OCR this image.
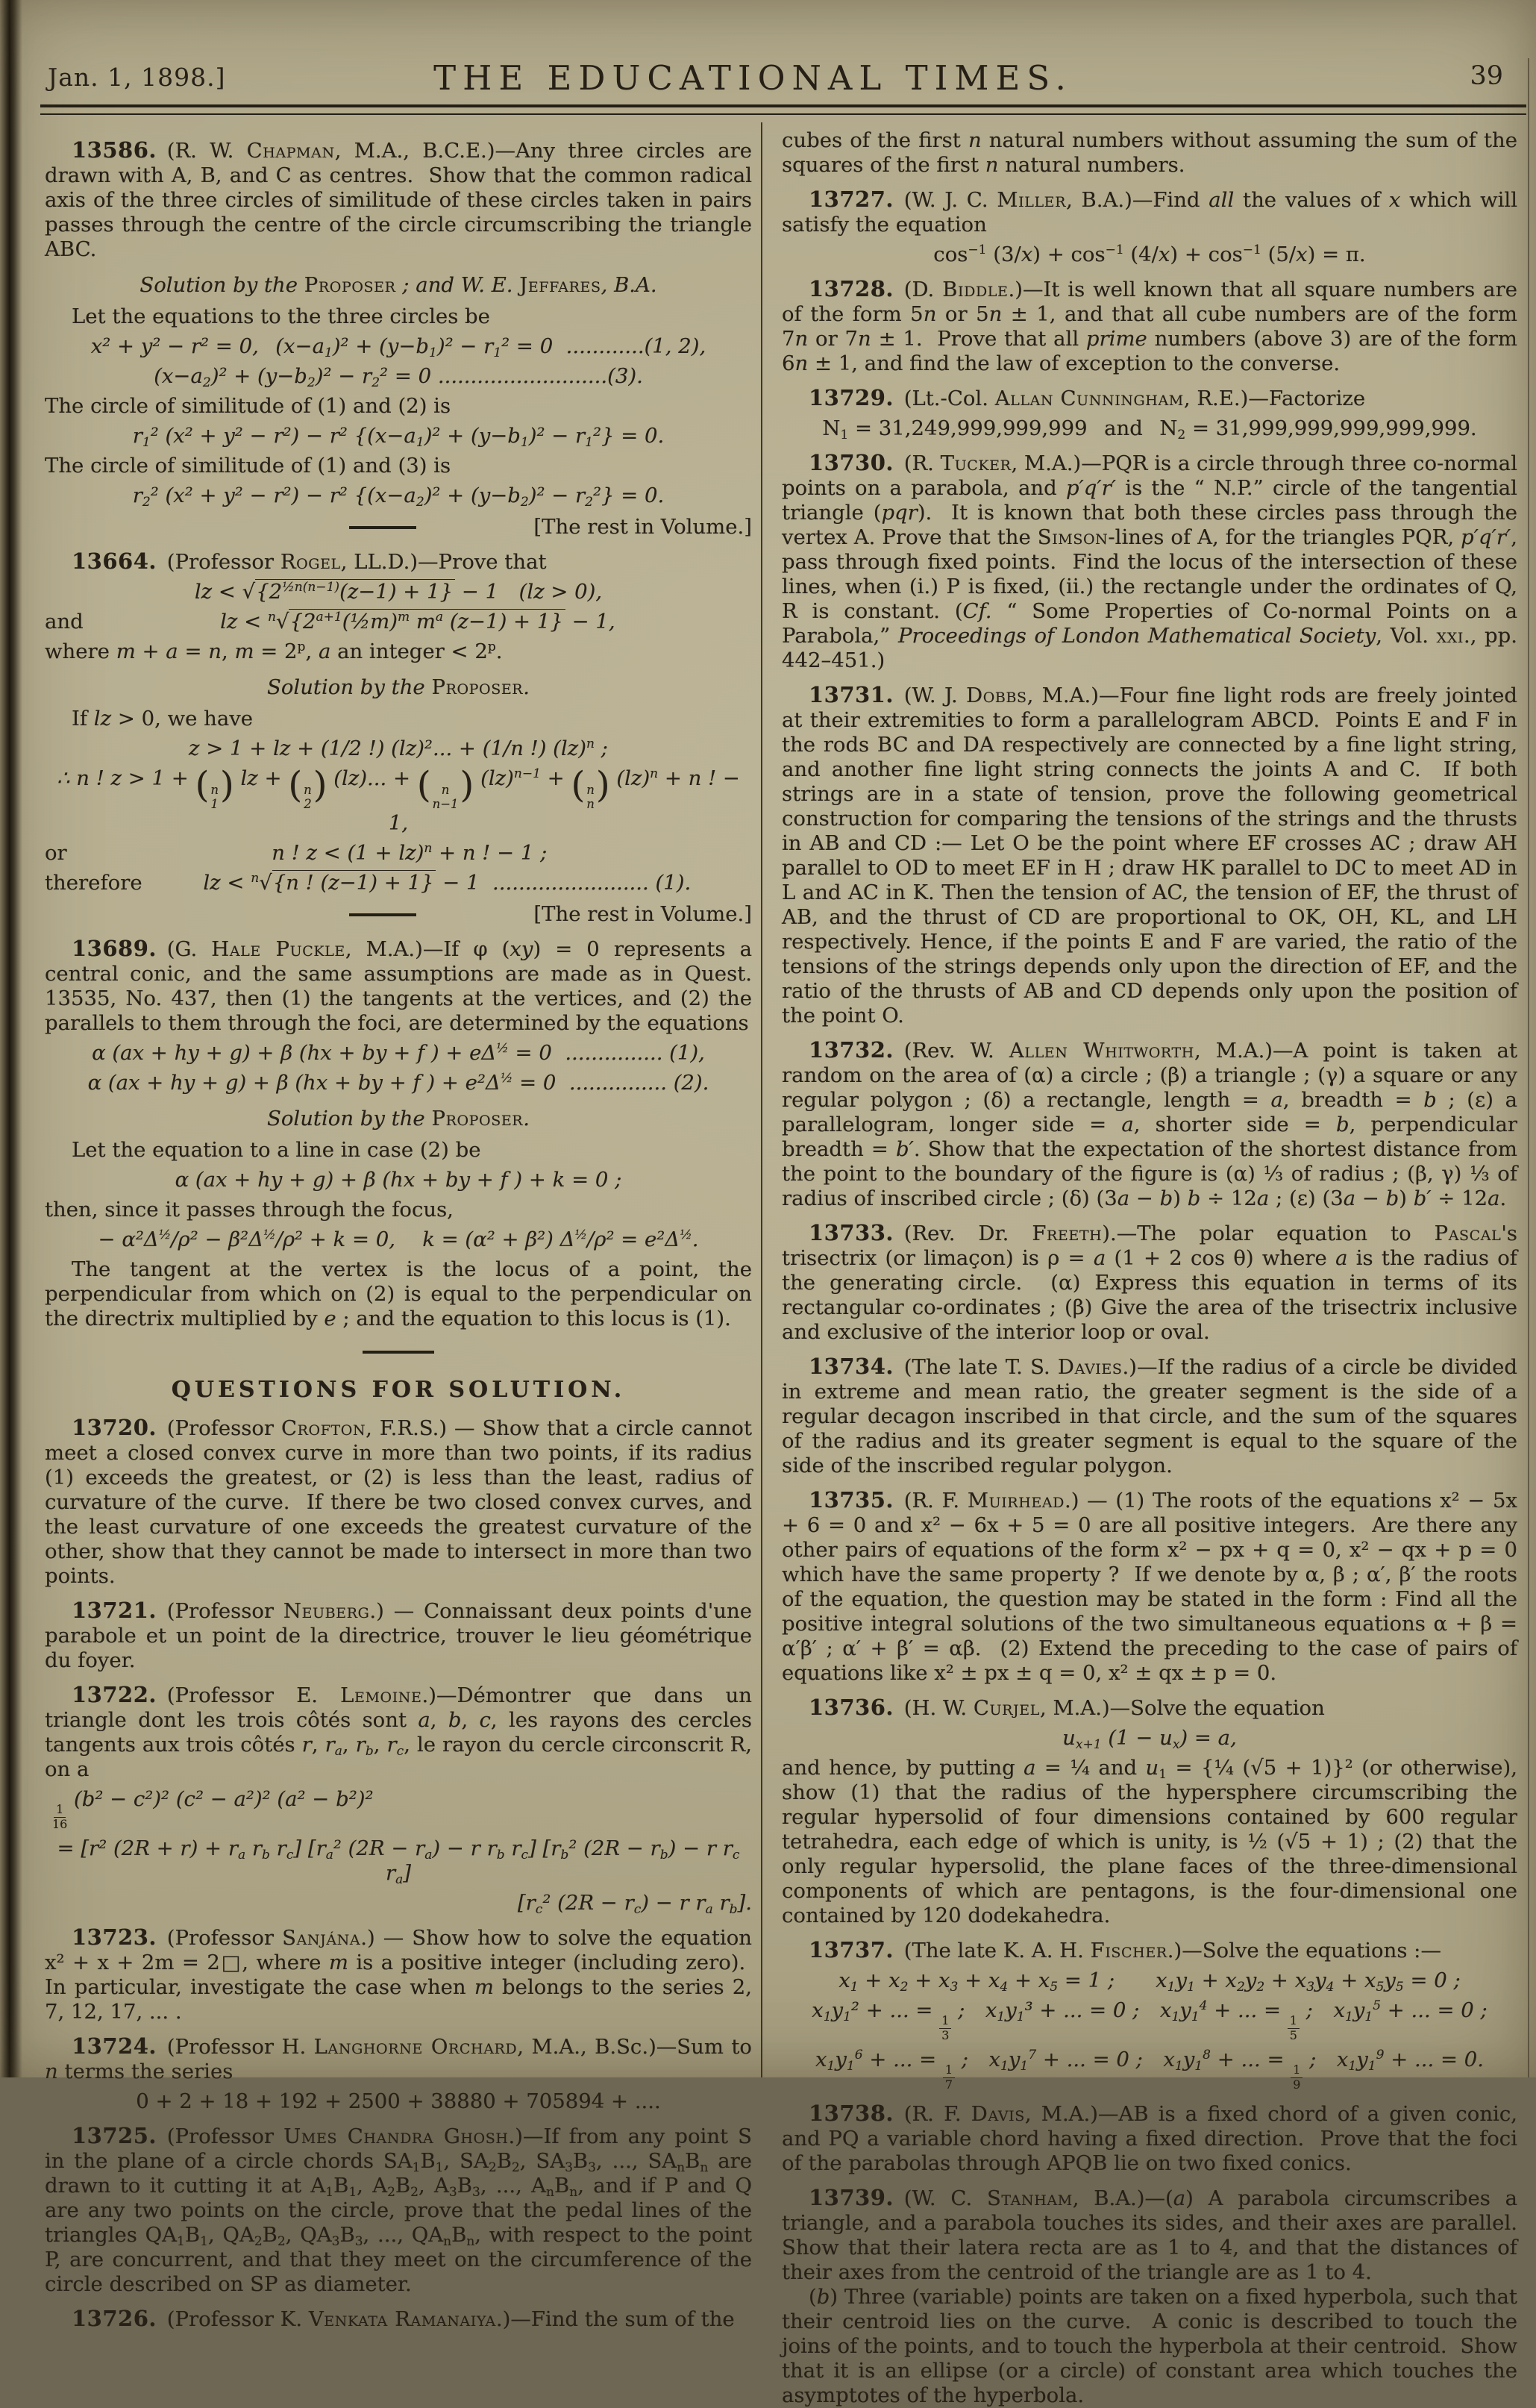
Jan. 1, 1898.]	THE EDUCATIONAL TIMES.	39

13586. (R. W. Chapman, M.A., B.C.E.)—Any three circles are drawn with A, B, and C as centres.  Show that the common radical axis of the three circles of similitude of these circles taken in pairs passes through the centre of the circle circumscribing the triangle ABC.

Solution by the Proposer ; and W. E. Jeffares, B.A.

Let the equations to the three circles be

x² + y² − r² = 0,  $(x-a_1)^2 + (y-b_1)^2 - r_1^2 = 0$  ............(1, 2),
$(x-a_2)^2 + (y-b_2)^2 - r_2^2 = 0$ ..........................(3).

The circle of similitude of (1) and (2) is

$r_1^2$ (x² + y² − r²) − r² $\{(x-a_1)^2 + (y-b_1)^2 - r_1^2\} = 0$.

The circle of similitude of (1) and (3) is

$r_2^2$ (x² + y² − r²) − r² $\{(x-a_2)^2 + (y-b_2)^2 - r_2^2\} = 0$.
[The rest in Volume.]

13664. (Professor Rogel, LL.D.)—Prove that

lz < $√\{2^{\frac{1}{2}n(n-1)}(z-1) + 1\} - 1$ (lz > 0),
and	lz < $^n√\{2^{a+1}(\frac{1}{2}m)^m$ $m^a$ (z−1) + 1} − 1,

where m + a = n, $m = 2^p$, a an integer < $2^p$.

Solution by the Proposer.

If lz > 0, we have

z > 1 + lz + (1/2 !) (lz)²... + (1/n !) (lz)$^n$ ;
∴ n ! z > 1 + ( n
1 ) lz + ( n
2 ) (lz)... + ( n
n−1 ) (lz)$^{n-1}$ + ( n
n ) (lz)$^n$ + n ! − 1,
or	n ! z < (1 + lz)$^n$ + n ! − 1 ;
therefore	lz < $^n$√{n ! (z−1) + 1} − 1  ........................ (1).
[The rest in Volume.]

13689. (G. Hale Puckle, M.A.)—If φ (xy) = 0 represents a central conic, and the same assumptions are made as in Quest. 13535, No. 437, then (1) the tangents at the vertices, and (2) the parallels to them through the foci, are determined by the equations

α (ax + hy + g) + β (hx + by + f ) + $e\Delta^{\frac{1}{2}} = 0$  ............... (1),
α (ax + hy + g) + β (hx + by + f ) + $e^2\Delta^{\frac{1}{2}} = 0$  ............... (2).

Solution by the Proposer.

Let the equation to a line in case (2) be

α (ax + hy + g) + β (hx + by + f ) + k = 0 ;

then, since it passes through the focus,

− $\alpha^2\Delta^{\frac{1}{2}}/\rho^2 - \beta^2\Delta^{\frac{1}{2}}/\rho^2 + k = 0$,  k = (α² + β²) $\Delta^{\frac{1}{2}}/\rho^2 = e^2\Delta^{\frac{1}{2}}$.

The tangent at the vertex is the locus of a point, the perpendicular from which on (2) is equal to the perpendicular on the directrix multiplied by e ; and the equation to this locus is (1).

QUESTIONS FOR SOLUTION.

13720. (Professor Crofton, F.R.S.) — Show that a circle cannot meet a closed convex curve in more than two points, if its radius (1) exceeds the greatest, or (2) is less than the least, radius of curvature of the curve.  If there be two closed convex curves, and the least curvature of one exceeds the greatest curvature of the other, show that they cannot be made to intersect in more than two points.

13721. (Professor Neuberg.) — Connaissant deux points d'une parabole et un point de la directrice, trouver le lieu géométrique du foyer.

13722. (Professor E. Lemoine.)—Démontrer que dans un triangle dont les trois côtés sont a, b, c, les rayons des cercles tangents aux trois côtés r, $r_a$, $r_b$, $r_c$, le rayon du cercle circonscrit R, on a

$\frac{1}{16}$
(b² − c²)² (c² − a²)² (a² − b²)²
= [r² $(2R + r) + r_a$ $r_b$ $r_c$] [$r_a^2$ $(2R - r_a) - r$ $r_b$ $r_c$] [$r_b^2$ $(2R - r_b) - r$ $r_c$ $r_a$]
[$r_c^2$ $(2R - r_c) - r$ $r_a$ $r_b$].

13723. (Professor Sanjána.) — Show how to solve the equation x² + x + 2m = 2□, where m is a positive integer (including zero).  In particular, investigate the case when m belongs to the series 2, 7, 12, 17, ... .

13724. (Professor H. Langhorne Orchard, M.A., B.Sc.)—Sum to n terms the series

0 + 2 + 18 + 192 + 2500 + 38880 + 705894 + ....

13725. (Professor Umes Chandra Ghosh.)—If from any point S in the plane of a circle chords $SA_1B_1$, $SA_2B_2$, $SA_3B_3$, ..., $SA_nB_n$ are drawn to it cutting it at $A_1B_1$, $A_2B_2$, $A_3B_3$, ..., $A_nB_n$, and if P and Q are any two points on the circle, prove that the pedal lines of the triangles $QA_1B_1$, $QA_2B_2$, $QA_3B_3$, ..., $QA_nB_n$, with respect to the point P, are concurrent, and that they meet on the circumference of the circle described on SP as diameter.

13726. (Professor K. Venkata Ramanaiya.)—Find the sum of the

cubes of the first n natural numbers without assuming the sum of the squares of the first n natural numbers.

13727. (W. J. C. Miller, B.A.)—Find all the values of x which will satisfy the equation

$\cos^{-1} (3/x) + \cos^{-1} (4/x) + \cos^{-1} (5/x) = \pi$.

13728. (D. Biddle.)—It is well known that all square numbers are of the form 5n or 5n ± 1, and that all cube numbers are of the form 7n or 7n ± 1.  Prove that all prime numbers (above 3) are of the form 6n ± 1, and find the law of exception to the converse.

13729. (Lt.-Col. Allan Cunningham, R.E.)—Factorize

$N_1 = 31,249,999,999,999$  and  $N_2 = 31,999,999,999,999,999$.

13730. (R. Tucker, M.A.)—PQR is a circle through three co-normal points on a parabola, and p′q′r′ is the “ N.P.” circle of the tangential triangle (pqr).  It is known that both these circles pass through the vertex A. Prove that the Simson-lines of A, for the triangles PQR, p′q′r′, pass through fixed points.  Find the locus of the intersection of these lines, when (i.) P is fixed, (ii.) the rectangle under the ordinates of Q, R is constant. (Cf. “ Some Properties of Co-normal Points on a Parabola,” Proceedings of London Mathematical Society, Vol. xxi., pp. 442–451.)

13731. (W. J. Dobbs, M.A.)—Four fine light rods are freely jointed at their extremities to form a parallelogram ABCD.  Points E and F in the rods BC and DA respectively are connected by a fine light string, and another fine light string connects the joints A and C.  If both strings are in a state of tension, prove the following geometrical construction for comparing the tensions of the strings and the thrusts in AB and CD :— Let O be the point where EF crosses AC ; draw AH parallel to OD to meet EF in H ; draw HK parallel to DC to meet AD in L and AC in K. Then the tension of AC, the tension of EF, the thrust of AB, and the thrust of CD are proportional to OK, OH, KL, and LH respectively. Hence, if the points E and F are varied, the ratio of the tensions of the strings depends only upon the direction of EF, and the ratio of the thrusts of AB and CD depends only upon the position of the point O.

13732. (Rev. W. Allen Whitworth, M.A.)—A point is taken at random on the area of (α) a circle ; (β) a triangle ; (γ) a square or any regular polygon ; (δ) a rectangle, length = a, breadth = b ; (ε) a parallelogram, longer side = a, shorter side = b, perpendicular breadth = b′. Show that the expectation of the shortest distance from the point to the boundary of the figure is (α) ⅓ of radius ; (β, γ) ⅓ of radius of inscribed circle ; (δ) (3a − b) b ÷ 12a ; (ε) (3a − b) b′ ÷ 12a.

13733. (Rev. Dr. Freeth).—The polar equation to Pascal's trisectrix (or limaçon) is ρ = a (1 + 2 cos θ) where a is the radius of the generating circle.  (α) Express this equation in terms of its rectangular co-ordinates ; (β) Give the area of the trisectrix inclusive and exclusive of the interior loop or oval.

13734. (The late T. S. Davies.)—If the radius of a circle be divided in extreme and mean ratio, the greater segment is the side of a regular decagon inscribed in that circle, and the sum of the squares of the radius and its greater segment is equal to the square of the side of the inscribed regular polygon.

13735. (R. F. Muirhead.) — (1) The roots of the equations x² − 5x + 6 = 0 and x² − 6x + 5 = 0 are all positive integers.  Are there any other pairs of equations of the form x² − px + q = 0, x² − qx + p = 0 which have the same property ?  If we denote by α, β ; α′, β′ the roots of the equation, the question may be stated in the form : Find all the positive integral solutions of the two simultaneous equations α + β = α′β′ ; α′ + β′ = αβ.  (2) Extend the preceding to the case of pairs of equations like x² ± px ± q = 0, x² ± qx ± p = 0.

13736. (H. W. Curjel, M.A.)—Solve the equation

$u_{x+1}$ $(1 - u_x) = a$,

and hence, by putting a = ¼ and $u_1$ = {¼ (√5 + 1)}² (or otherwise), show (1) that the radius of the hypersphere circumscribing the regular hypersolid of four dimensions contained by 600 regular tetrahedra, each edge of which is unity, is ½ (√5 + 1) ; (2) that the only regular hypersolid, the plane faces of the three-dimensional components of which are pentagons, is the four-dimensional one contained by 120 dodekahedra.

13737. (The late K. A. H. Fischer.)—Solve the equations :—

$x_1 + x_2 + x_3 + x_4 + x_5 = 1$ ;  $x_1y_1 + x_2y_2 + x_3y_4 + x_5y_5 = 0$ ;
$x_1y_1^2$ + ... =
$\frac{1}{3}$
; $x_1y_1^3$ + ... = 0 ; $x_1y_1^4$ + ... =
$\frac{1}{5}$
; $x_1y_1^5$ + ... = 0 ;
$x_1y_1^6$ + ... =
$\frac{1}{7}$
; $x_1y_1^7$ + ... = 0 ; $x_1y_1^8$ + ... =
$\frac{1}{9}$
; $x_1y_1^9$ + ... = 0.

13738. (R. F. Davis, M.A.)—AB is a fixed chord of a given conic, and PQ a variable chord having a fixed direction.  Prove that the foci of the parabolas through APQB lie on two fixed conics.

13739. (W. C. Stanham, B.A.)—(a) A parabola circumscribes a triangle, and a parabola touches its sides, and their axes are parallel. Show that their latera recta are as 1 to 4, and that the distances of their axes from the centroid of the triangle are as 1 to 4.

(b) Three (variable) points are taken on a fixed hyperbola, such that their centroid lies on the curve.  A conic is described to touch the joins of the points, and to touch the hyperbola at their centroid.  Show that it is an ellipse (or a circle) of constant area which touches the asymptotes of the hyperbola.
